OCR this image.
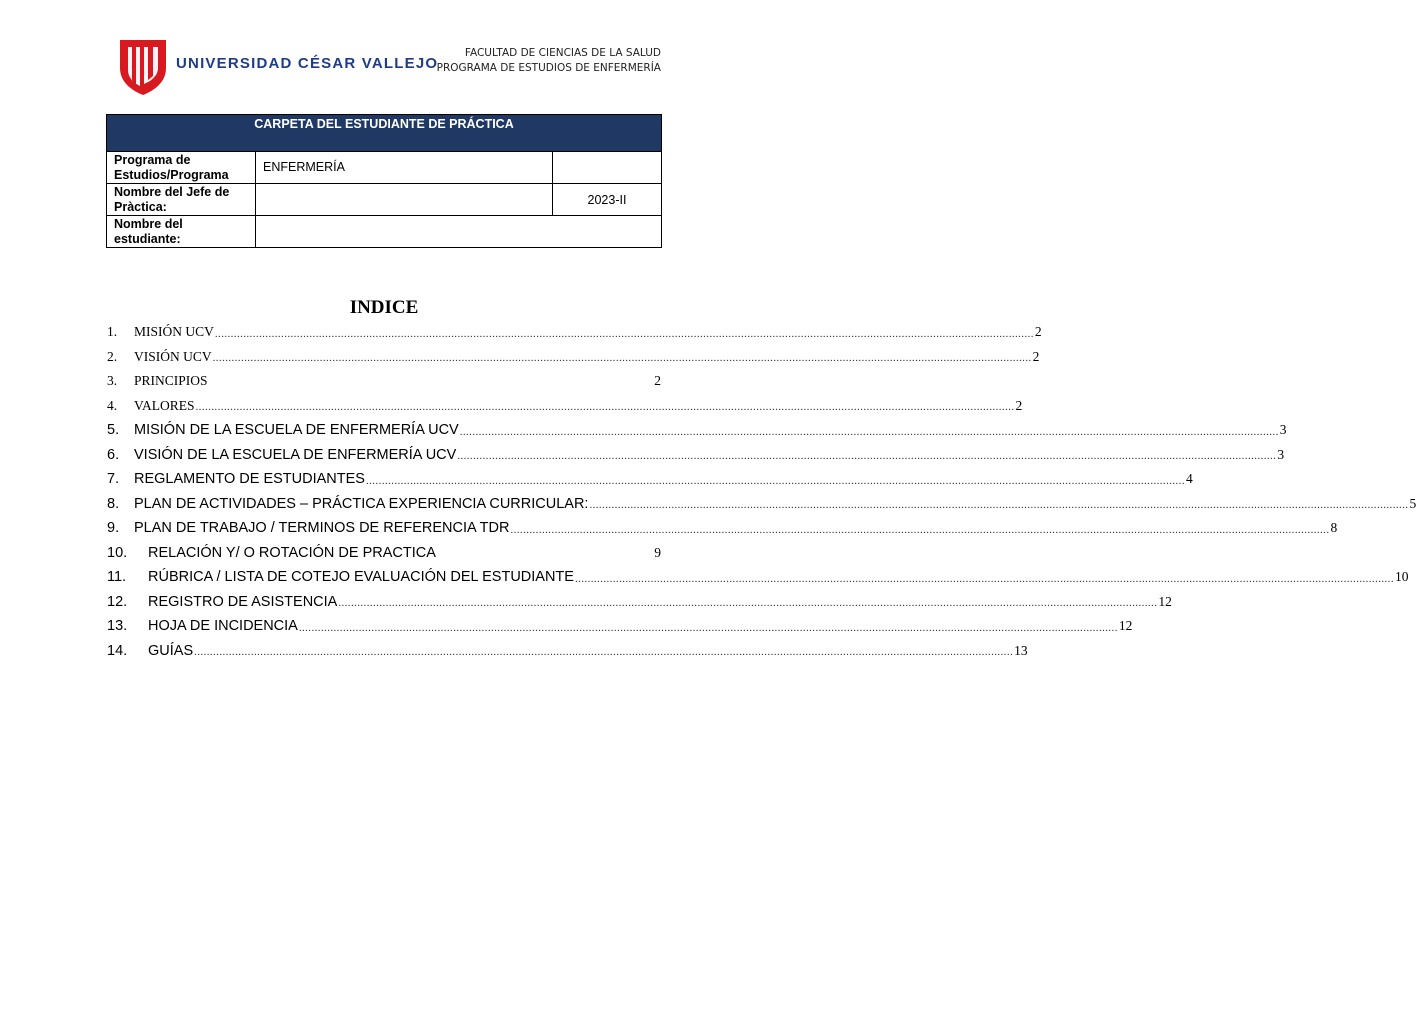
UNIVERSIDAD CÉSAR VALLEJO
FACULTAD DE CIENCIAS DE LA SALUD
PROGRAMA DE ESTUDIOS DE ENFERMERÍA
CARPETA DEL ESTUDIANTE DE PRÁCTICA		
Programa de Estudios/Programa	ENFERMERÍA	
Nombre del Jefe de Pràctica:		2023-II
Nombre del estudiante:		
INDICE
1.	MISIÓN UCV .................................................................................................................................................................................................................................................................... 2
2.	VISIÓN UCV .................................................................................................................................................................................................................................................................... 2
3.	PRINCIPIOS	2
4.	VALORES .................................................................................................................................................................................................................................................................... 2
5.	MISIÓN DE LA ESCUELA DE ENFERMERÍA UCV .................................................................................................................................................................................................................................................................... 3
6.	VISIÓN DE LA ESCUELA DE ENFERMERÍA UCV .................................................................................................................................................................................................................................................................... 3
7.	REGLAMENTO DE ESTUDIANTES .................................................................................................................................................................................................................................................................... 4
8.	PLAN DE ACTIVIDADES – PRÁCTICA EXPERIENCIA CURRICULAR: .................................................................................................................................................................................................................................................................... 5
9.	PLAN DE TRABAJO / TERMINOS DE REFERENCIA TDR .................................................................................................................................................................................................................................................................... 8
10.	RELACIÓN Y/ O ROTACIÓN DE PRACTICA	9
11.	RÚBRICA / LISTA DE COTEJO EVALUACIÓN DEL ESTUDIANTE .................................................................................................................................................................................................................................................................... 10
12.	REGISTRO DE ASISTENCIA .................................................................................................................................................................................................................................................................... 12
13.	HOJA DE INCIDENCIA .................................................................................................................................................................................................................................................................... 12
14.	GUÍAS .................................................................................................................................................................................................................................................................... 13
